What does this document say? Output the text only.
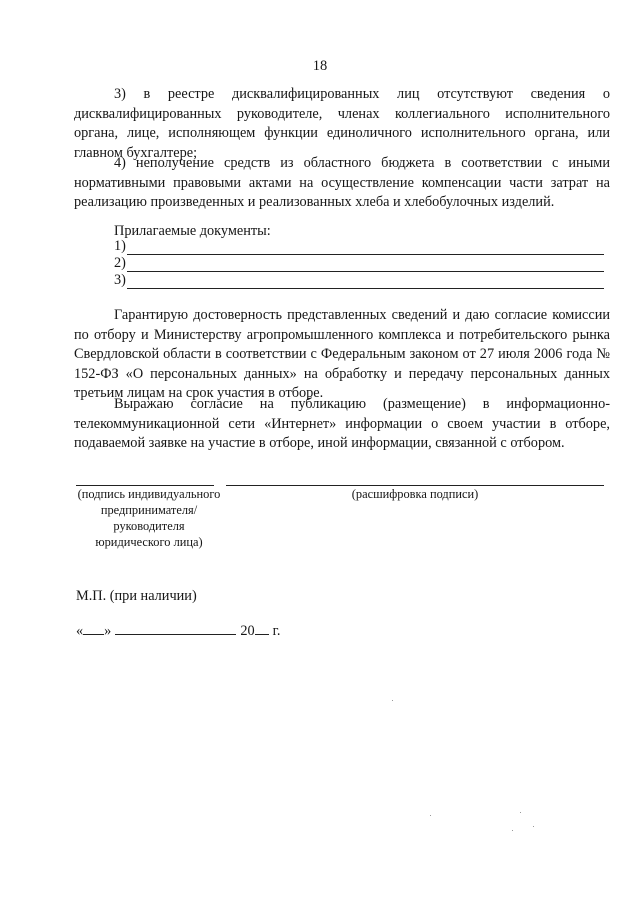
18

3) в реестре дисквалифицированных лиц отсутствуют сведения о дисквалифицированных руководителе, членах коллегиального исполнительного органа, лице, исполняющем функции единоличного исполнительного органа, или главном бухгалтере;

4) неполучение средств из областного бюджета в соответствии с иными нормативными правовыми актами на осуществление компенсации части затрат на реализацию произведенных и реализованных хлеба и хлебобулочных изделий.

Прилагаемые документы:
1)
2)
3)

Гарантирую достоверность представленных сведений и даю согласие комиссии по отбору и Министерству агропромышленного комплекса и потребительского рынка Свердловской области в соответствии с Федеральным законом от 27 июля 2006 года № 152-ФЗ «О персональных данных» на обработку и передачу персональных данных третьим лицам на срок участия в отборе.

Выражаю согласие на публикацию (размещение) в информационно-телекоммуникационной сети «Интернет» информации о своем участии в отборе, подаваемой заявке на участие в отборе, иной информации, связанной с отбором.

(подпись индивидуального предпринимателя/ руководителя юридического лица)
(расшифровка подписи)
М.П. (при наличии)
« »	20 г.
